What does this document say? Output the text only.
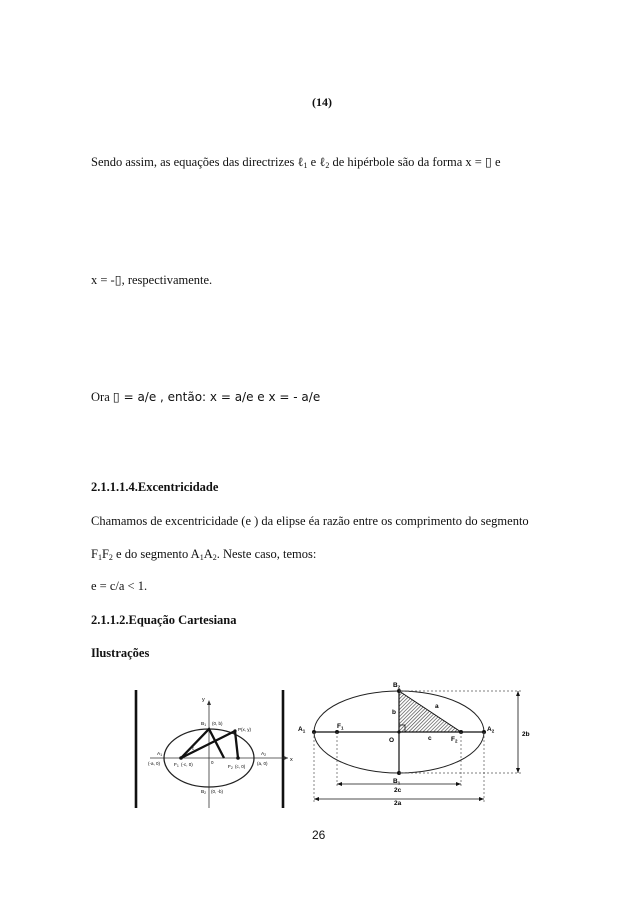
(14)
Sendo assim, as equações das directrizes ℓ$_1$ e ℓ$_2$ de hipérbole são da forma x = ▯ e
x = -▯, respectivamente.
Ora ▯ = a/e , então: x = a/e e x = - a/e
2.1.1.1.4.Excentricidade
Chamamos de excentricidade (e ) da elipse éa razão entre os comprimento do segmento
$F_1F_2$ e do segmento $A_1A_2$. Neste caso, temos:
e = c/a < 1.
2.1.1.2.Equação Cartesiana
Ilustrações
y
x
0
$B_1$ (0, b)
P(x, y)
$A_1$
(-a, 0)
$A_2$
(a, 0)
$F_1$ (-c, 0)
$F_2$ (c, 0)
$B_2$ (0, -b)
c
$B_2$
$B_1$
$A_1$	$A_2$
$F_1$
$F_2$
O
b
a
c
2b
2c
2a
26
